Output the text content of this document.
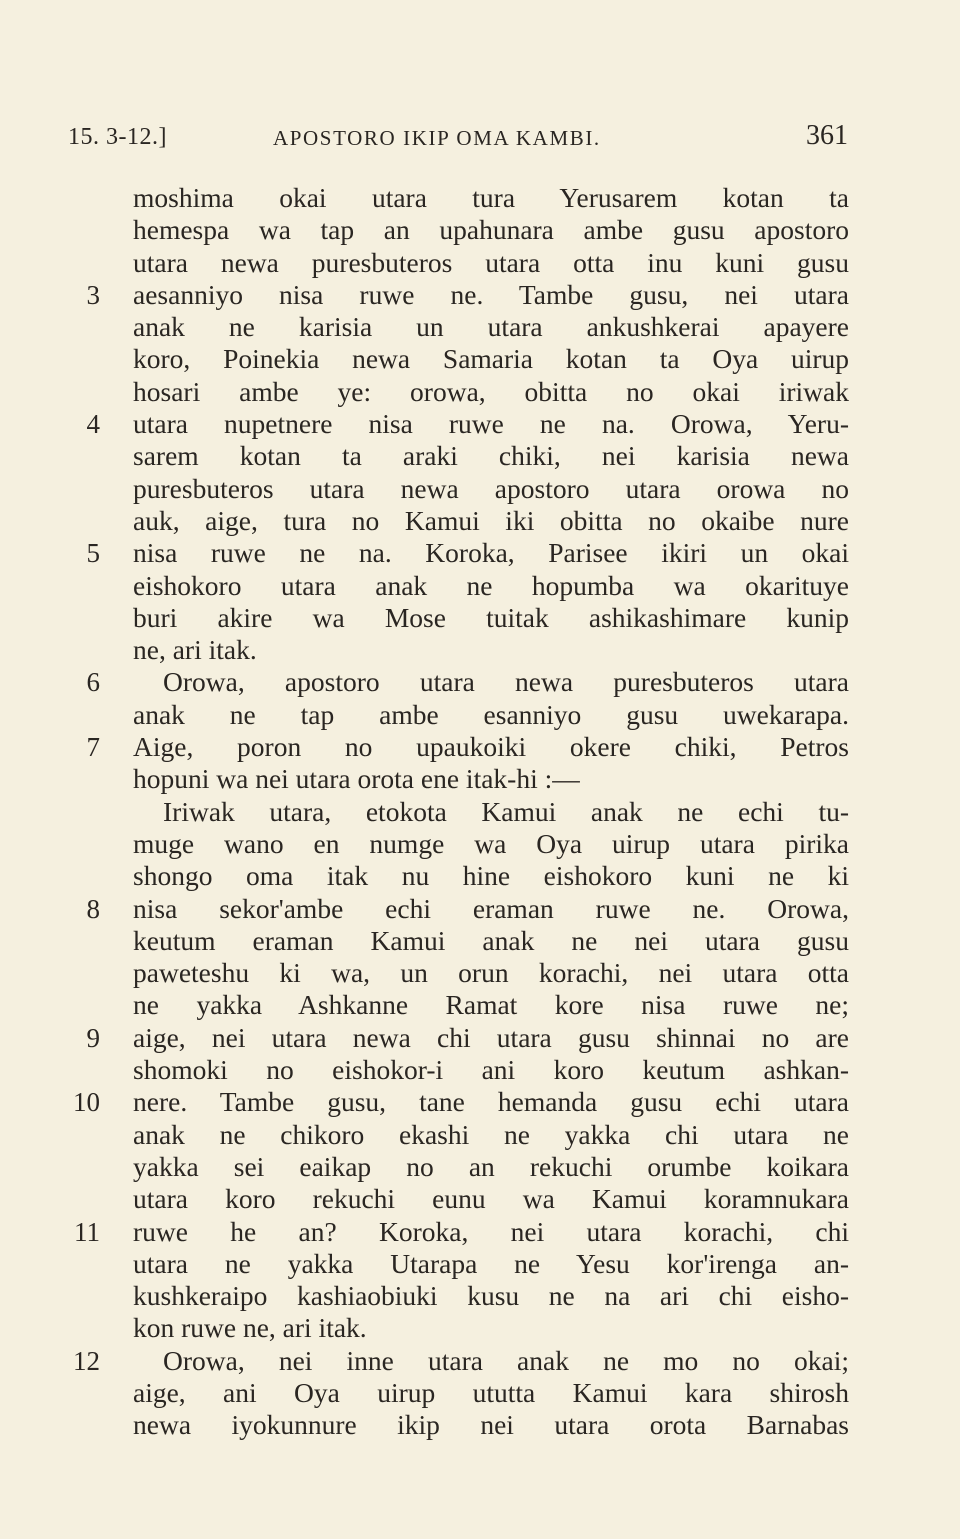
15. 3-12.]	APOSTORO IKIP OMA KAMBI.	361
moshima okai utara tura Yerusarem kotan ta
hemespa wa tap an upahunara ambe gusu apostoro
utara newa puresbuteros utara otta inu kuni gusu
3 aesanniyo nisa ruwe ne. Tambe gusu, nei utara
anak ne karisia un utara ankushkerai apayere
koro, Poinekia newa Samaria kotan ta Oya uirup
hosari ambe ye: orowa, obitta no okai iriwak
4 utara nupetnere nisa ruwe ne na. Orowa, Yeru-
sarem kotan ta araki chiki, nei karisia newa
puresbuteros utara newa apostoro utara orowa no
auk, aige, tura no Kamui iki obitta no okaibe nure
5 nisa ruwe ne na. Koroka, Parisee ikiri un okai
eishokoro utara anak ne hopumba wa okarituye
buri akire wa Mose tuitak ashikashimare kunip
ne, ari itak.
6 Orowa, apostoro utara newa puresbuteros utara
anak ne tap ambe esanniyo gusu uwekarapa.
7 Aige, poron no upaukoiki okere chiki, Petros
hopuni wa nei utara orota ene itak-hi :—
Iriwak utara, etokota Kamui anak ne echi tu-
muge wano en numge wa Oya uirup utara pirika
shongo oma itak nu hine eishokoro kuni ne ki
8 nisa sekor'ambe echi eraman ruwe ne. Orowa,
keutum eraman Kamui anak ne nei utara gusu
paweteshu ki wa, un orun korachi, nei utara otta
ne yakka Ashkanne Ramat kore nisa ruwe ne;
9 aige, nei utara newa chi utara gusu shinnai no are
shomoki no eishokor-i ani koro keutum ashkan-
10 nere. Tambe gusu, tane hemanda gusu echi utara
anak ne chikoro ekashi ne yakka chi utara ne
yakka sei eaikap no an rekuchi orumbe koikara
utara koro rekuchi eunu wa Kamui koramnukara
11 ruwe he an? Koroka, nei utara korachi, chi
utara ne yakka Utarapa ne Yesu kor'irenga an-
kushkeraipo kashiaobiuki kusu ne na ari chi eisho-
kon ruwe ne, ari itak.
12 Orowa, nei inne utara anak ne mo no okai;
aige, ani Oya uirup ututta Kamui kara shirosh
newa iyokunnure ikip nei utara orota Barnabas
